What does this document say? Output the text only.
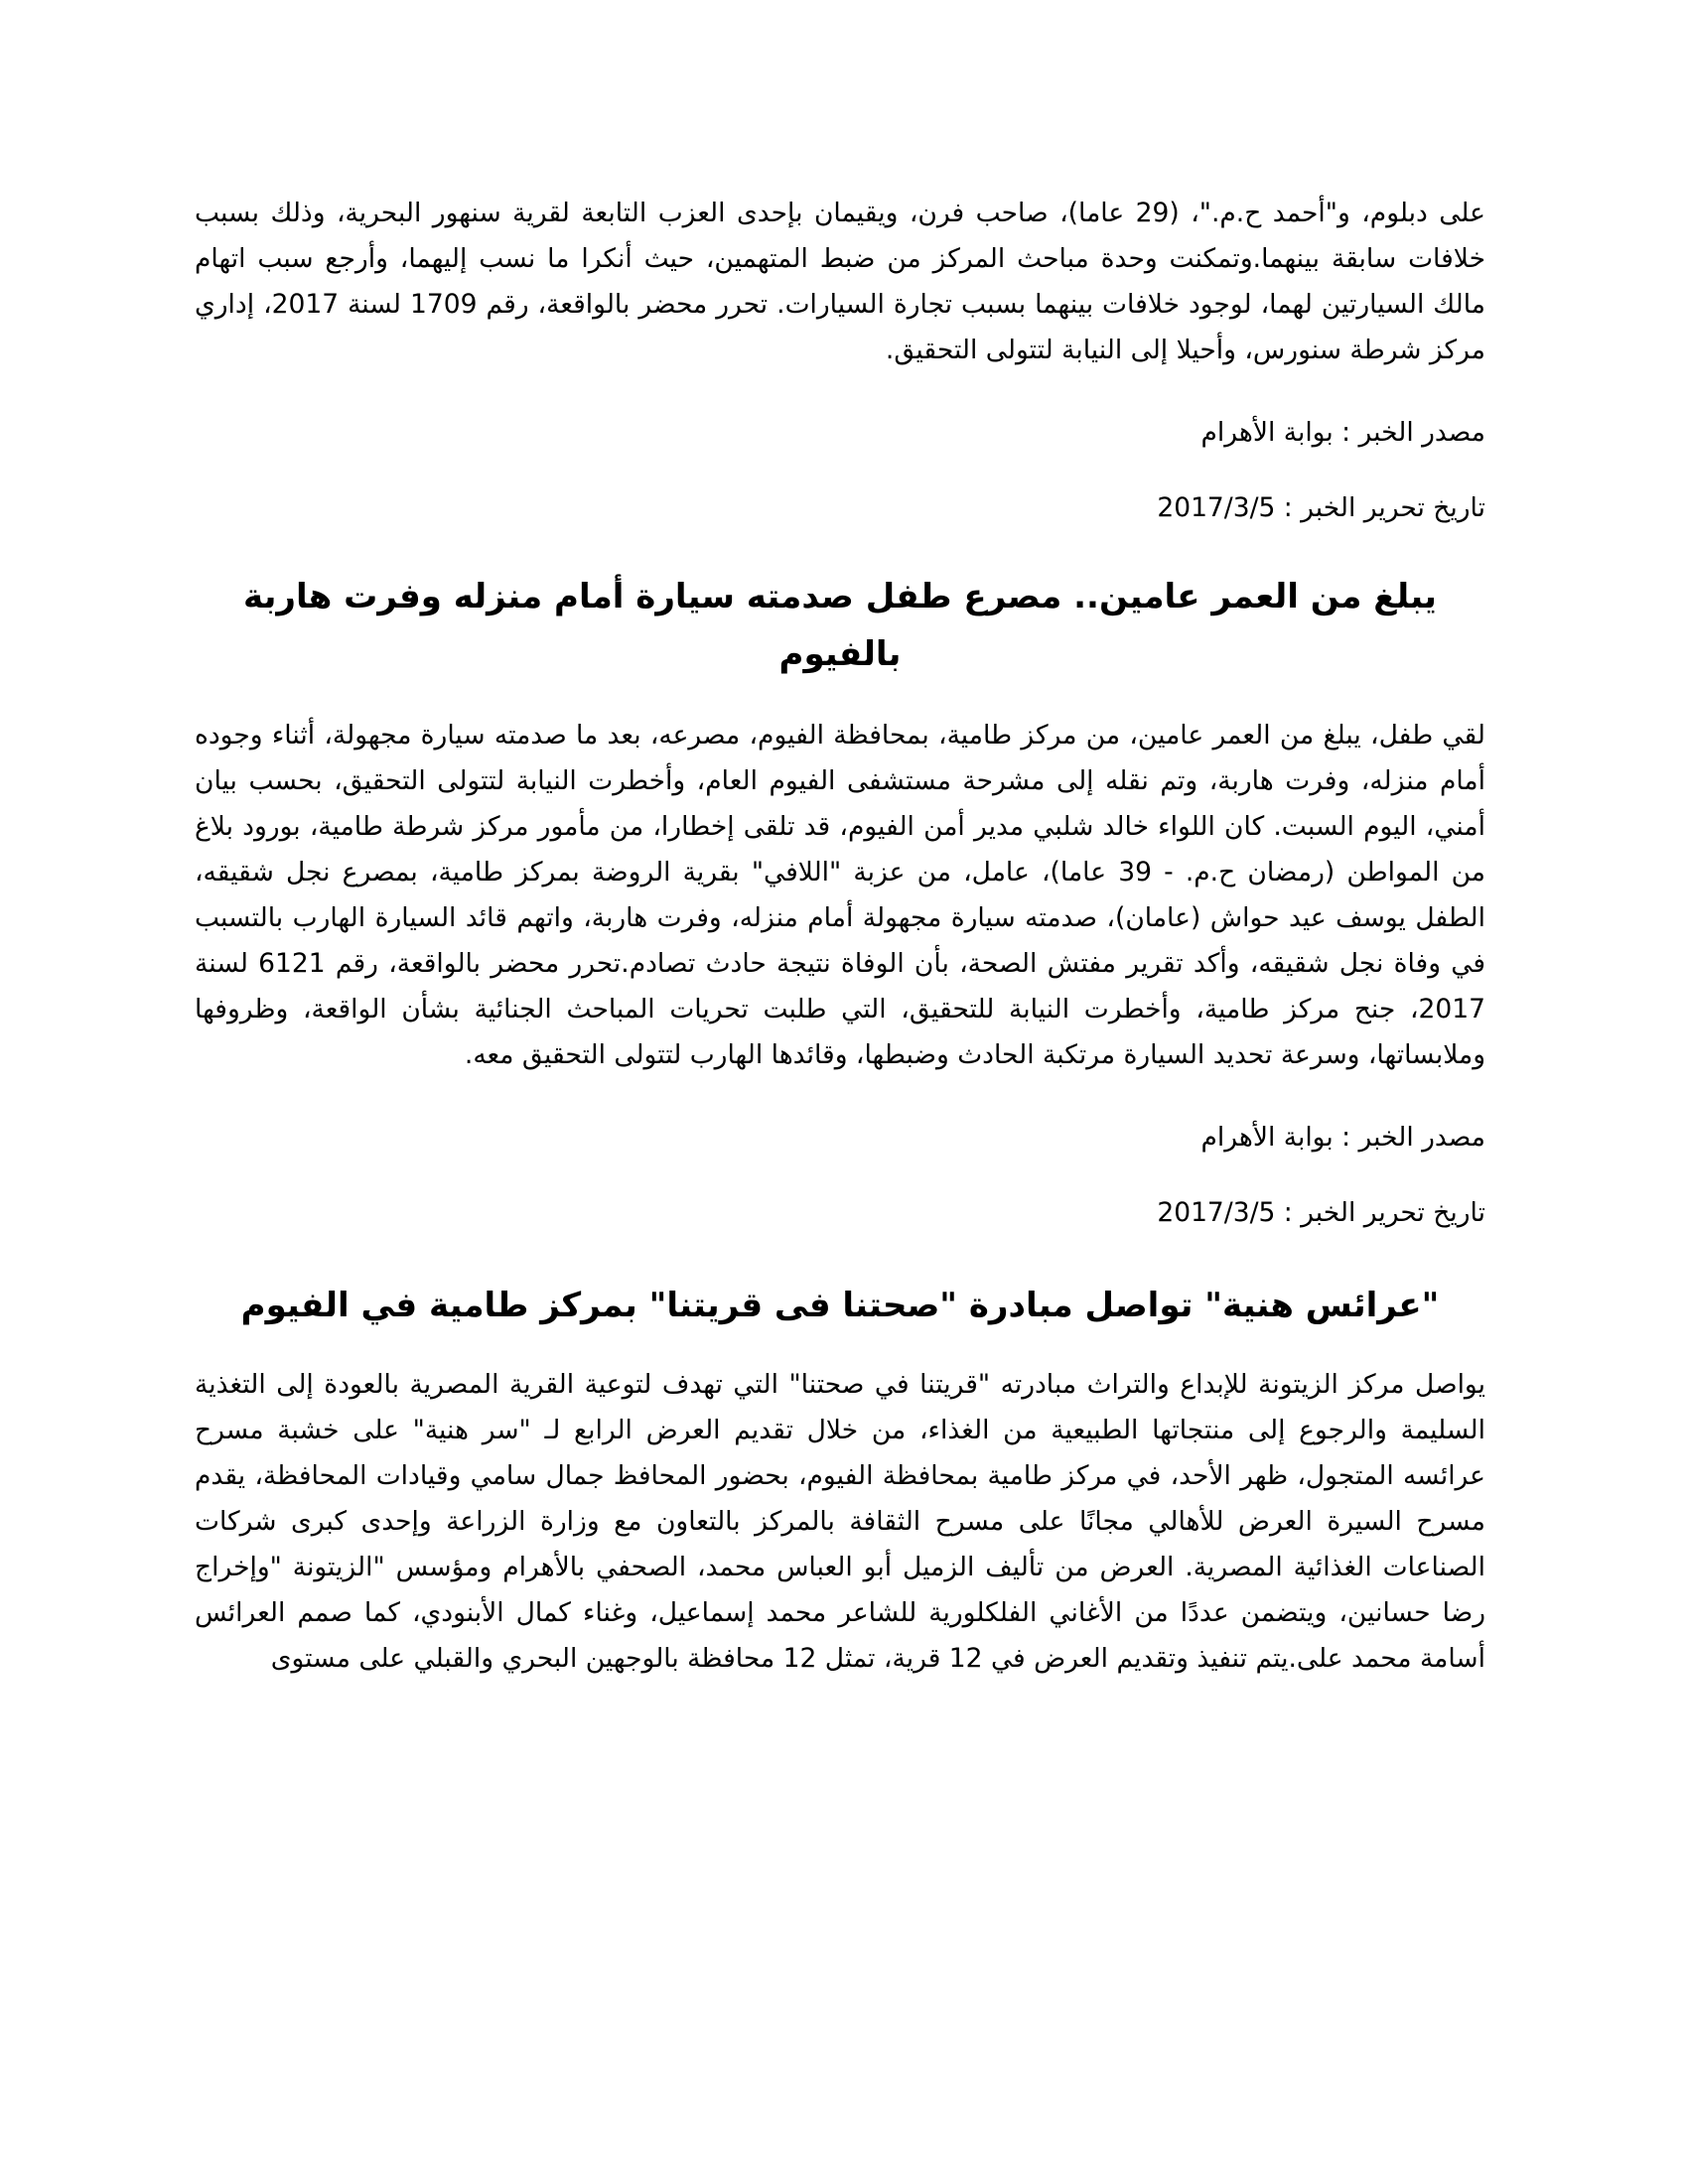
على دبلوم، و"أحمد ح.م."، (29 عاما)، صاحب فرن، ويقيمان بإحدى العزب التابعة لقرية سنهور البحرية، وذلك بسبب خلافات سابقة بينهما.وتمكنت وحدة مباحث المركز من ضبط المتهمين، حيث أنكرا ما نسب إليهما، وأرجع سبب اتهام مالك السيارتين لهما، لوجود خلافات بينهما بسبب تجارة السيارات. تحرر محضر بالواقعة، رقم 1709 لسنة 2017، إداري مركز شرطة سنورس، وأحيلا إلى النيابة لتتولى التحقيق.

مصدر الخبر : بوابة الأهرام

تاريخ تحرير الخبر : 2017/3/5

يبلغ من العمر عامين.. مصرع طفل صدمته سيارة أمام منزله وفرت هاربة بالفيوم

لقي طفل، يبلغ من العمر عامين، من مركز طامية، بمحافظة الفيوم، مصرعه، بعد ما صدمته سيارة مجهولة، أثناء وجوده أمام منزله، وفرت هاربة، وتم نقله إلى مشرحة مستشفى الفيوم العام، وأخطرت النيابة لتتولى التحقيق، بحسب بيان أمني، اليوم السبت. كان اللواء خالد شلبي مدير أمن الفيوم، قد تلقى إخطارا، من مأمور مركز شرطة طامية، بورود بلاغ من المواطن (رمضان ح.م. - 39 عاما)، عامل، من عزبة "اللافي" بقرية الروضة بمركز طامية، بمصرع نجل شقيقه، الطفل يوسف عيد حواش (عامان)، صدمته سيارة مجهولة أمام منزله، وفرت هاربة، واتهم قائد السيارة الهارب بالتسبب في وفاة نجل شقيقه، وأكد تقرير مفتش الصحة، بأن الوفاة نتيجة حادث تصادم.تحرر محضر بالواقعة، رقم 6121 لسنة 2017، جنح مركز طامية، وأخطرت النيابة للتحقيق، التي طلبت تحريات المباحث الجنائية بشأن الواقعة، وظروفها وملابساتها، وسرعة تحديد السيارة مرتكبة الحادث وضبطها، وقائدها الهارب لتتولى التحقيق معه.

مصدر الخبر : بوابة الأهرام

تاريخ تحرير الخبر : 2017/3/5

"عرائس هنية" تواصل مبادرة "صحتنا فى قريتنا" بمركز طامية في الفيوم

يواصل مركز الزيتونة للإبداع والتراث مبادرته "قريتنا في صحتنا" التي تهدف لتوعية القرية المصرية بالعودة إلى التغذية السليمة والرجوع إلى منتجاتها الطبيعية من الغذاء، من خلال تقديم العرض الرابع لـ "سر هنية" على خشبة مسرح عرائسه المتجول، ظهر الأحد، في مركز طامية بمحافظة الفيوم، بحضور المحافظ جمال سامي وقيادات المحافظة، يقدم مسرح السيرة العرض للأهالي مجانًا على مسرح الثقافة بالمركز بالتعاون مع وزارة الزراعة وإحدى كبرى شركات الصناعات الغذائية المصرية. العرض من تأليف الزميل أبو العباس محمد، الصحفي بالأهرام ومؤسس "الزيتونة "وإخراج رضا حسانين، ويتضمن عددًا من الأغاني الفلكلورية للشاعر محمد إسماعيل، وغناء كمال الأبنودي، كما صمم العرائس أسامة محمد على.يتم تنفيذ وتقديم العرض في 12 قرية، تمثل 12 محافظة بالوجهين البحري والقبلي على مستوى
